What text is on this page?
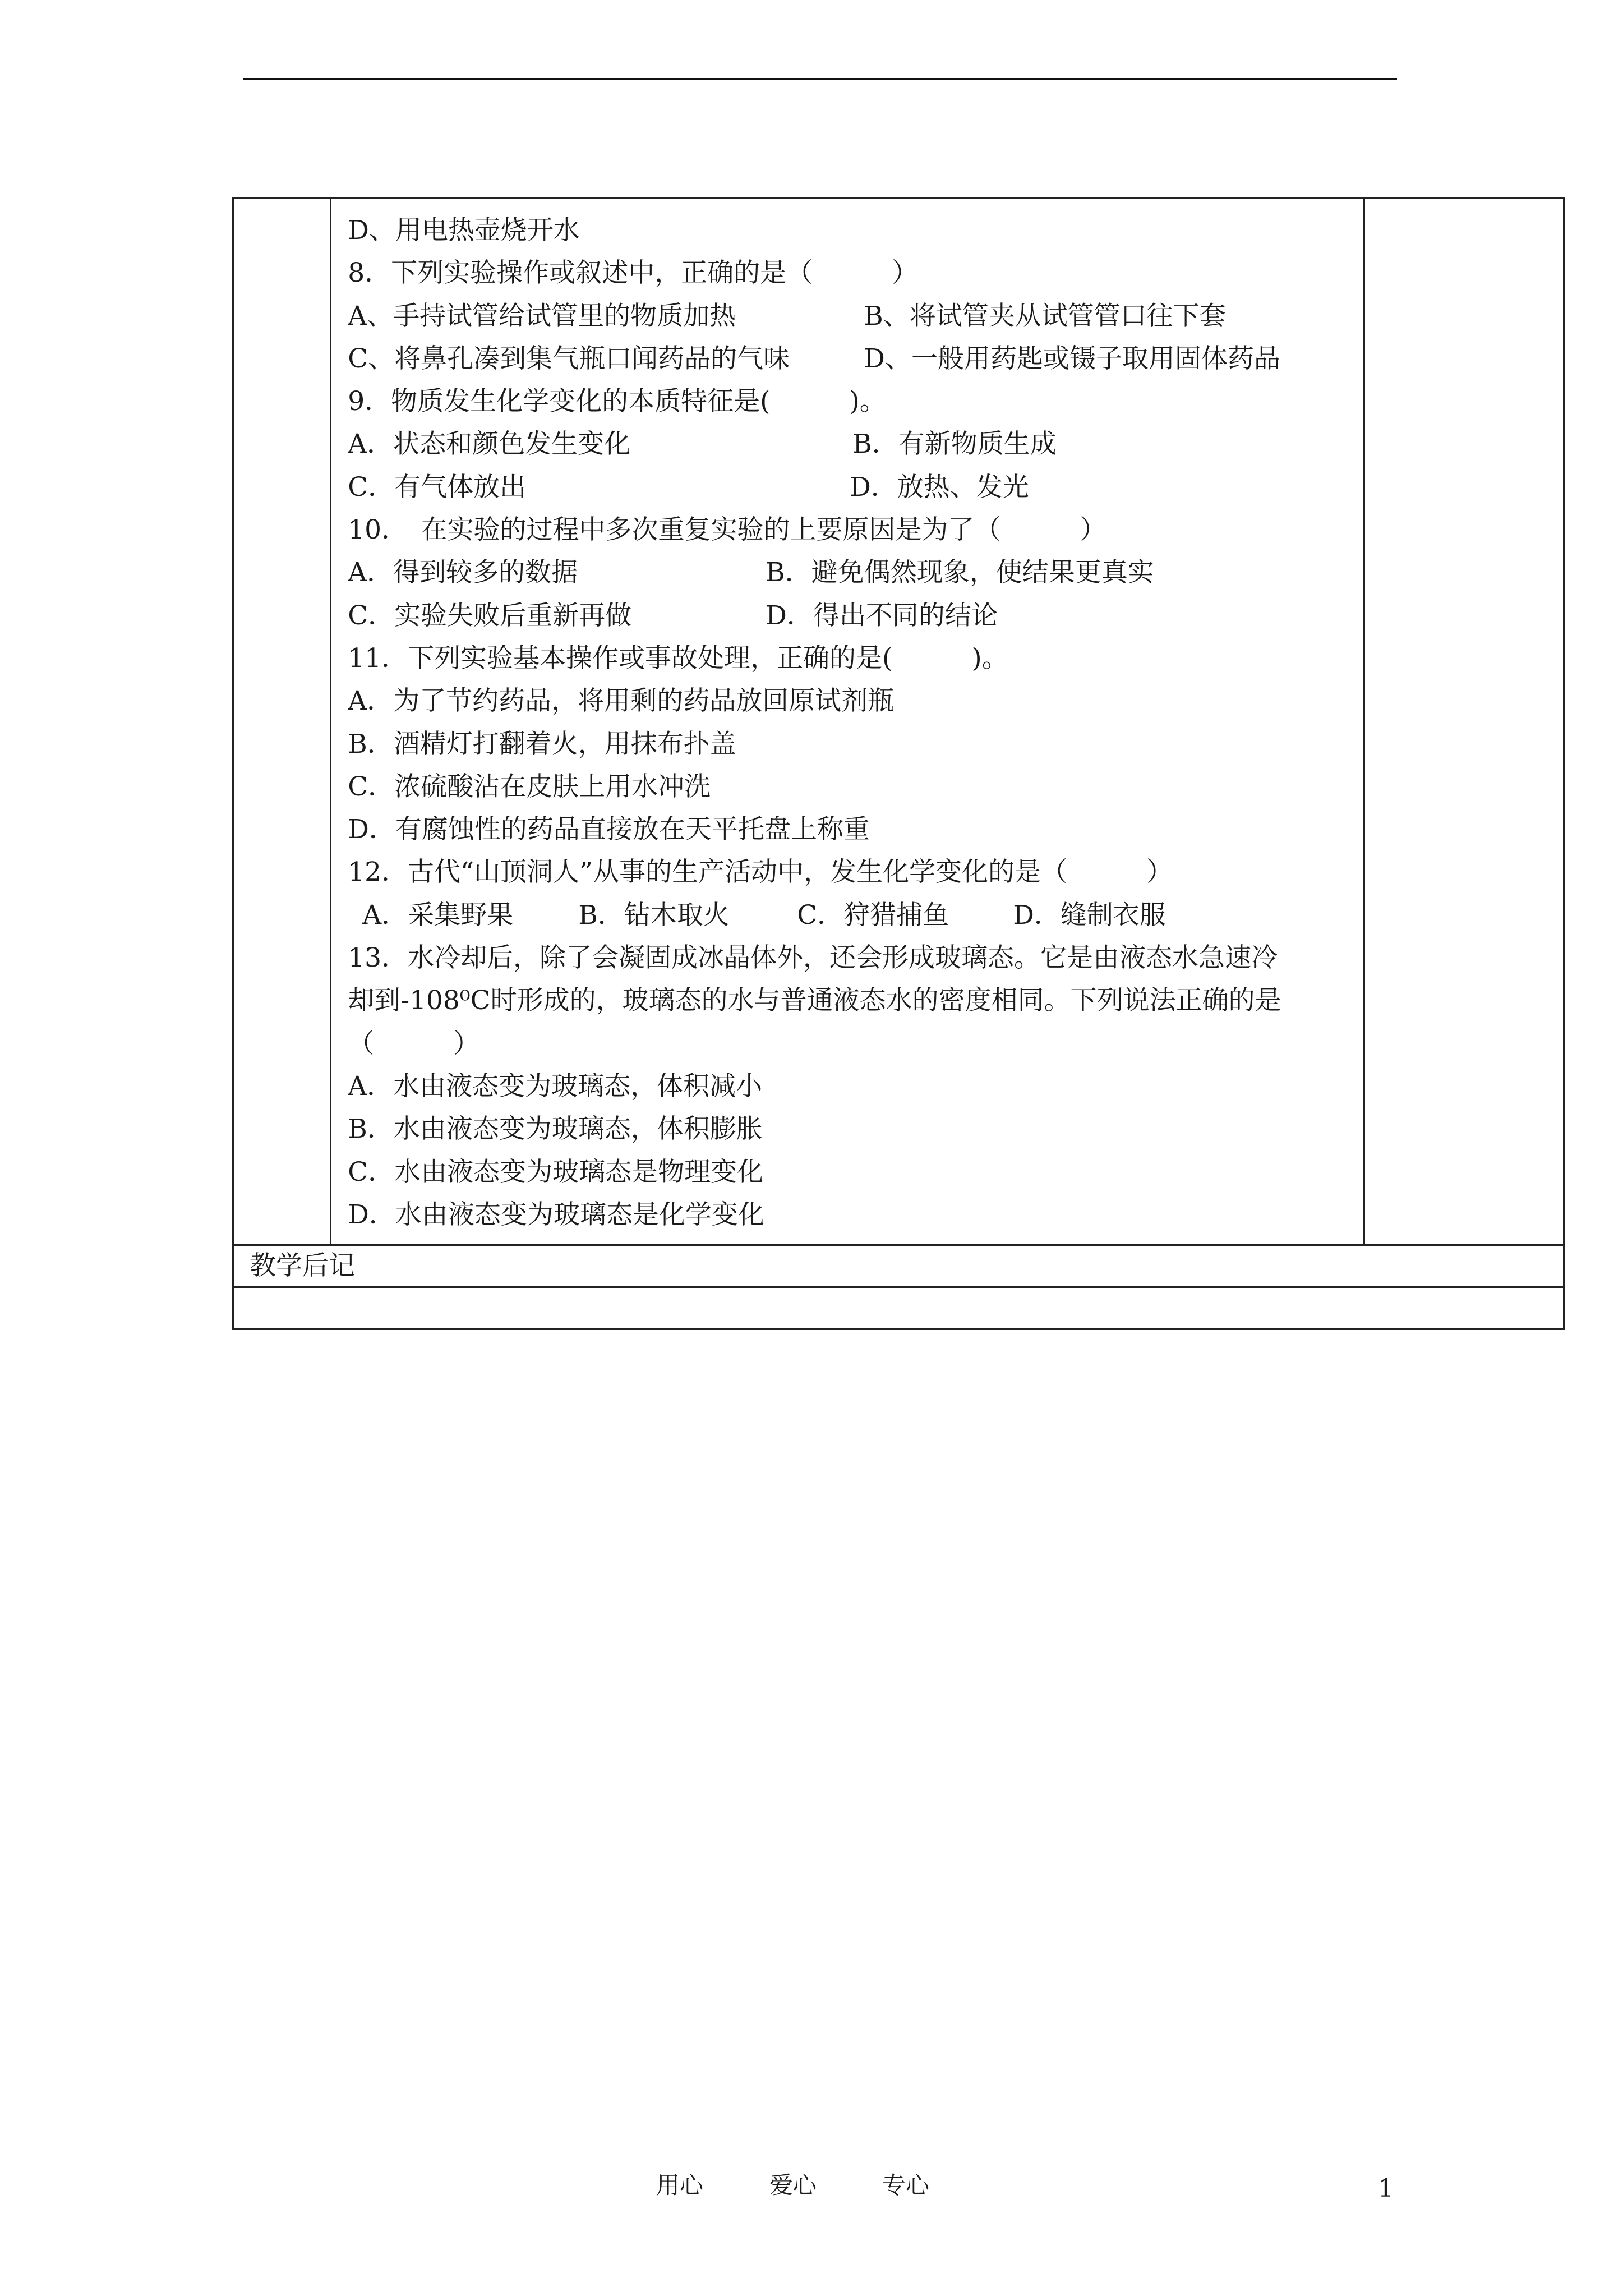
D、用电热壶烧开水
8．下列实验操作或叙述中，正确的是（　　　）
A、手持试管给试管里的物质加热	B、将试管夹从试管管口往下套
C、将鼻孔凑到集气瓶口闻药品的气味	D、一般用药匙或镊子取用固体药品
9．物质发生化学变化的本质特征是(　　　)。
A．状态和颜色发生变化	B．有新物质生成
C．有气体放出	D．放热、发光
10．　在实验的过程中多次重复实验的上要原因是为了（　　　）
A．得到较多的数据	B．避免偶然现象，使结果更真实
C．实验失败后重新再做	D．得出不同的结论
11．下列实验基本操作或事故处理，正确的是(　　　)。
A．为了节约药品，将用剩的药品放回原试剂瓶
B．酒精灯打翻着火，用抹布扑盖
C．浓硫酸沾在皮肤上用水冲洗
D．有腐蚀性的药品直接放在天平托盘上称重
12．古代“山顶洞人”从事的生产活动中，发生化学变化的是（　　　）
A．采集野果 B．钻木取火	C．狩猎捕鱼 D．缝制衣服
13．水冷却后，除了会凝固成冰晶体外，还会形成玻璃态。它是由液态水急速冷
却到-108⁰C时形成的，玻璃态的水与普通液态水的密度相同。下列说法正确的是
（　　　）
A．水由液态变为玻璃态，体积减小
B．水由液态变为玻璃态，体积膨胀
C．水由液态变为玻璃态是物理变化
D．水由液态变为玻璃态是化学变化

教学后记

用心	爱心	专心	1
